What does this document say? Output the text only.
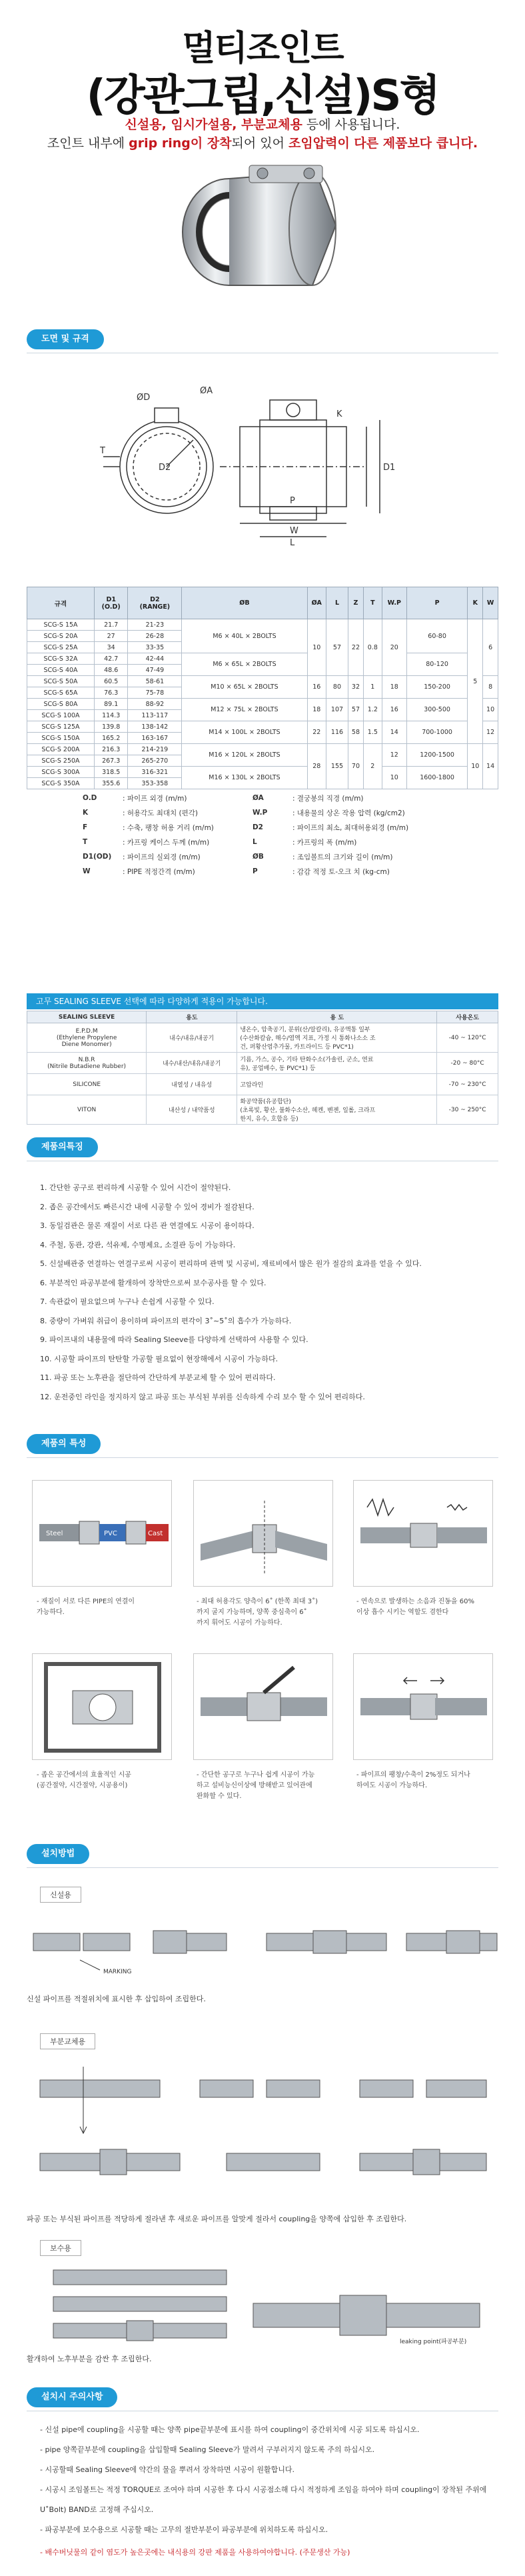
멀티조인트
(강관그립,신설)S형
신설용, 임시가설용, 부분교체용 등에 사용됩니다.
조인트 내부에 grip ring이 장착되어 있어 조임압력이 다른 제품보다 큽니다.
도면 및 규격
ØD
ØA
D2
T
D1
W
P
L
K
규격	D1
(O.D)	D2
(RANGE)	ØB	ØA	L	Z	T	W.P	P	K	W
SCG-S 15A	21.7	21-23	M6 × 40L × 2BOLTS	10	57	22	0.8	20	60-80	5	6
SCG-S 20A	27	26-28									
SCG-S 25A	34	33-35									
SCG-S 32A	42.7	42-44	M6 × 65L × 2BOLTS						80-120		
SCG-S 40A	48.6	47-49									
SCG-S 50A	60.5	58-61	M10 × 65L × 2BOLTS	16	80	32	1	18	150-200		8
SCG-S 65A	76.3	75-78									
SCG-S 80A	89.1	88-92	M12 × 75L × 2BOLTS	18	107	57	1.2	16	300-500		10
SCG-S 100A	114.3	113-117									
SCG-S 125A	139.8	138-142	M14 × 100L × 2BOLTS	22	116	58	1.5	14	700-1000		12
SCG-S 150A	165.2	163-167									
SCG-S 200A	216.3	214-219	M16 × 120L × 2BOLTS	28	155	70	2	12	1200-1500	10	14
SCG-S 250A	267.3	265-270									
SCG-S 300A	318.5	316-321	M16 × 130L × 2BOLTS					10	1600-1800		
SCG-S 350A	355.6	353-358									
O.D	: 파이프 외경 (m/m)	ØA	: 결궁봉의 직경 (m/m)
K	: 허용각도 최대치 (편각)	W.P	: 내용물의 상온 작용 압력 (kg/cm2)
F	: 수축, 팽창 허용 거리 (m/m)	D2	: 파이프의 최소, 최대허용외경 (m/m)
T	: 카프링 케이스 두께 (m/m)	L	: 카프링의 폭 (m/m)
D1(OD)	: 파이프의 실외경 (m/m)	ØB	: 조임볼트의 크기와 길이 (m/m)
W	: PIPE 적정간격 (m/m)	P	: 감감 적정 토-오크 치 (kg-cm)
고무 SEALING SLEEVE 선택에 따라 다양하게 적용이 가능합니다.
SEALING SLEEVE	용도	용 도	사용온도
E.P.D.M
(Ethylene Propylene
Diene Monomer)	내수/내유/내공기	냉온수, 압축공기, 분위(산/알칼리), 유공액통 일부
(수산화칼슘, 해수/염액 지표, 가정 시 통화나소소 조
건, 퍼황산염추가물, 카트라이드 등 PVC*1)	-40 ~ 120°C
N.B.R
(Nitrile Butadiene Rubber)	내수/내산/내유/내공기	기름, 가스, 공수, 기타 탄화수소(가솔린, 군소, 연료
유), 공업배수, 동 PVC*1) 등	-20 ~ 80°C
SILICONE	내열성 / 내유성	고압라인	-70 ~ 230°C
VITON	내산성 / 내약품성	화공약품(유공합단)
(초록빛, 황산, 불화수소산, 헤켄, 벤젠, 일롤, 크라프
한지, 유수, 호합유 등)	-30 ~ 250°C
제품의특징
1. 간단한 공구로 편리하게 시공할 수 있어 시간이 절약된다.
2. 좁은 공간에서도 빠른시간 내에 시공할 수 있어 경비가 절감된다.
3. 동일검관은 물론 재질이 서로 다른 관 연결에도 시공이 용이하다.
4. 주철, 동관, 강관, 석유제, 수명제요, 소결관 등이 가능하다.
5. 신설배관중 연결하는 연결구로써 시공이 편리하며 관벽 및 시공비, 재료비에서 많은 원가 절감의 효과를 얻을 수 있다.
6. 부분적인 파공부분에 활개하여 장착만으로써 보수공사를 할 수 있다.
7. 속관값이 필요없으며 누구나 손쉽게 시공할 수 있다.
8. 중량이 가벼워 취급이 용이하며 파이프의 편각이 3˚~5˚의 흡수가 가능하다.
9. 파이프내의 내용물에 따라 Sealing Sleeve를 다양하게 선택하여 사용할 수 있다.
10. 시공할 파이프의 탄탄할 가공할 필요없이 현장해에서 시공이 가능하다.
11. 파공 또는 노후관을 절단하여 간단하게 부분교체 할 수 있어 편리하다.
12. 운전중인 라인을 정지하지 않고 파공 또는 부식된 부위를 신속하게 수리 보수 할 수 있어 편리하다.
제품의 특성
Steel	PVC	Cast
- 재질이 서로 다른 PIPE의 연결이
가능하다.
- 최대 허용각도 양측이 6˚ (한쪽 최대 3˚)
까지 굴지 가능하며, 양쪽 중심축이 6˚
까지 휘어도 시공이 가능하다.
- 연속으로 발생하는 소음과 진동을 60%
이상 흡수 시키는 역할도 겸한다
- 좁은 공간에서의 효율적인 시공
(공간절약, 시간절약, 시공용이)
- 간단한 공구로 누구나 쉽게 시공이 가능
하고 설비능신이상에 방해받고 있어관에
완화할 수 있다.
- 파이프의 팽창/수축이 2%정도 되거나
하여도 시공이 가능하다.
설치방법
신설용
MARKING
신설 파이프를 적절위치에 표시한 후 삽입하여 조립한다.
부분교체용
파공 또는 부식된 파이프를 적당하게 절라낸 후 새로운 파이프를 알맞게 절라서 coupling을 양쪽에 삽입한 후 조립한다.
보수용
leaking point(파공부분)
활개하여 노후부분을 감싼 후 조립한다.
설치시 주의사항
- 신설 pipe에 coupling을 시공할 때는 양쪽 pipe끝부분에 표시를 하여 coupling이 중간위치에 시공 되도록 하십시오.
- pipe 양쪽끝부분에 coupling을 삽입할때 Sealing Sleeve가 말려서 구부러지지 않도록 주의 하십시오.
- 시공할때 Sealing Sleeve에 약간의 물을 뿌려서 장착하면 시공이 원활합니다.
- 시공시 조임볼트는 적정 TORQUE로 조여야 하며 시공한 후 다시 시공점소해 다시 적정하게 조임을 하여야 하며 coupling이 장착된 주위에 U˚Bolt) BAND로 고정해 주십시오.
- 파공부분에 보수용으로 시공할 때는 고무의 절반부분이 파공부분에 위치하도록 하십시오.
- 배수버닛물의 같이 염도가 높은곳에는 내식용의 강판 제품을 사용하여야합니다. (주문생산 가능)
